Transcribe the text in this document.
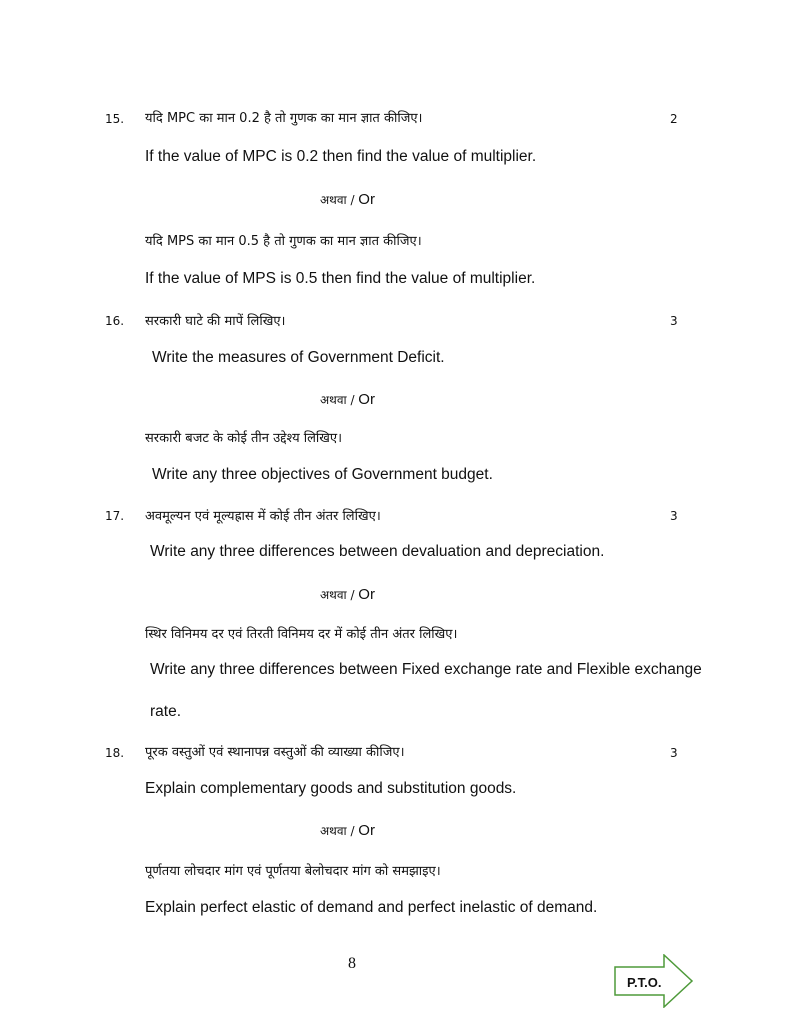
15. यदि MPC का मान 0.2 है तो गुणक का मान ज्ञात कीजिए।	2
If the value of MPC is 0.2 then find the value of multiplier.
अथवा / Or
यदि MPS का मान 0.5 है तो गुणक का मान ज्ञात कीजिए।
If the value of MPS is 0.5 then find the value of multiplier.
16. सरकारी घाटे की मापें लिखिए।	3
Write the measures of Government Deficit.
अथवा / Or
सरकारी बजट के कोई तीन उद्देश्य लिखिए।
Write any three objectives of Government budget.
17. अवमूल्यन एवं मूल्यह्रास में कोई तीन अंतर लिखिए।	3
Write any three differences between devaluation and depreciation.
अथवा / Or
स्थिर विनिमय दर एवं तिरती विनिमय दर में कोई तीन अंतर लिखिए।
Write any three differences between Fixed exchange rate and Flexible exchange
rate.
18. पूरक वस्तुओं एवं स्थानापन्न वस्तुओं की व्याख्या कीजिए।	3
Explain complementary goods and substitution goods.
अथवा / Or
पूर्णतया लोचदार मांग एवं पूर्णतया बेलोचदार मांग को समझाइए।
Explain perfect elastic of demand and perfect inelastic of demand.
8
P.T.O.
